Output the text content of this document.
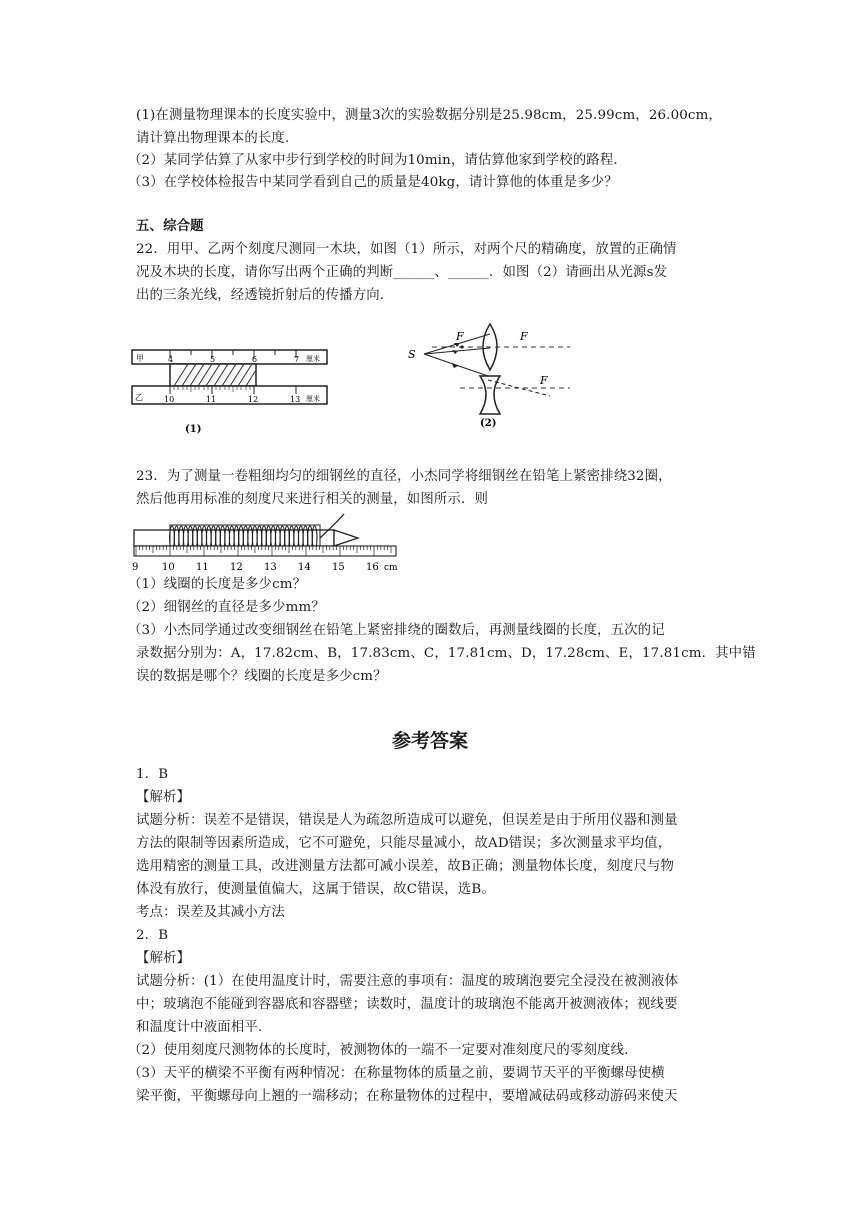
(1)在测量物理课本的长度实验中，测量3次的实验数据分别是25.98cm，25.99cm，26.00cm，
请计算出物理课本的长度.
（2）某同学估算了从家中步行到学校的时间为10min，请估算他家到学校的路程.
（3）在学校体检报告中某同学看到自己的质量是40kg，请计算他的体重是多少？
五、综合题
22．用甲、乙两个刻度尺测同一木块，如图（1）所示，对两个尺的精确度，放置的正确情
况及木块的长度，请你写出两个正确的判断______、______．如图（2）请画出从光源s发
出的三条光线，经透镜折射后的传播方向.
甲	4	5	6	7 厘米
乙	10	11	12	13 厘米
(1)
S
F	F
F
(2)
23．为了测量一卷粗细均匀的细钢丝的直径，小杰同学将细钢丝在铅笔上紧密排绕32圈，
然后他再用标准的刻度尺来进行相关的测量，如图所示．则
9 10 11 12 13 14 15 16 cm
（1）线圈的长度是多少cm？
（2）细钢丝的直径是多少mm？
（3）小杰同学通过改变细钢丝在铅笔上紧密排绕的圈数后，再测量线圈的长度，五次的记
录数据分别为：A，17.82cm、B，17.83cm、C，17.81cm、D，17.28cm、E，17.81cm．其中错
误的数据是哪个？线圈的长度是多少cm？
参考答案
1．B
【解析】
试题分析：误差不是错误，错误是人为疏忽所造成可以避免，但误差是由于所用仪器和测量
方法的限制等因素所造成，它不可避免，只能尽量减小，故AD错误；多次测量求平均值，
选用精密的测量工具，改进测量方法都可减小误差，故B正确；测量物体长度，刻度尺与物
体没有放行，使测量值偏大，这属于错误，故C错误，选B。
考点：误差及其减小方法
2．B
【解析】
试题分析：(1）在使用温度计时，需要注意的事项有：温度的玻璃泡要完全浸没在被测液体
中；玻璃泡不能碰到容器底和容器壁；读数时，温度计的玻璃泡不能离开被测液体；视线要
和温度计中液面相平.
（2）使用刻度尺测物体的长度时，被测物体的一端不一定要对准刻度尺的零刻度线.
（3）天平的横梁不平衡有两种情况：在称量物体的质量之前，要调节天平的平衡螺母使横
梁平衡，平衡螺母向上翘的一端移动；在称量物体的过程中，要增减砝码或移动游码来使天
